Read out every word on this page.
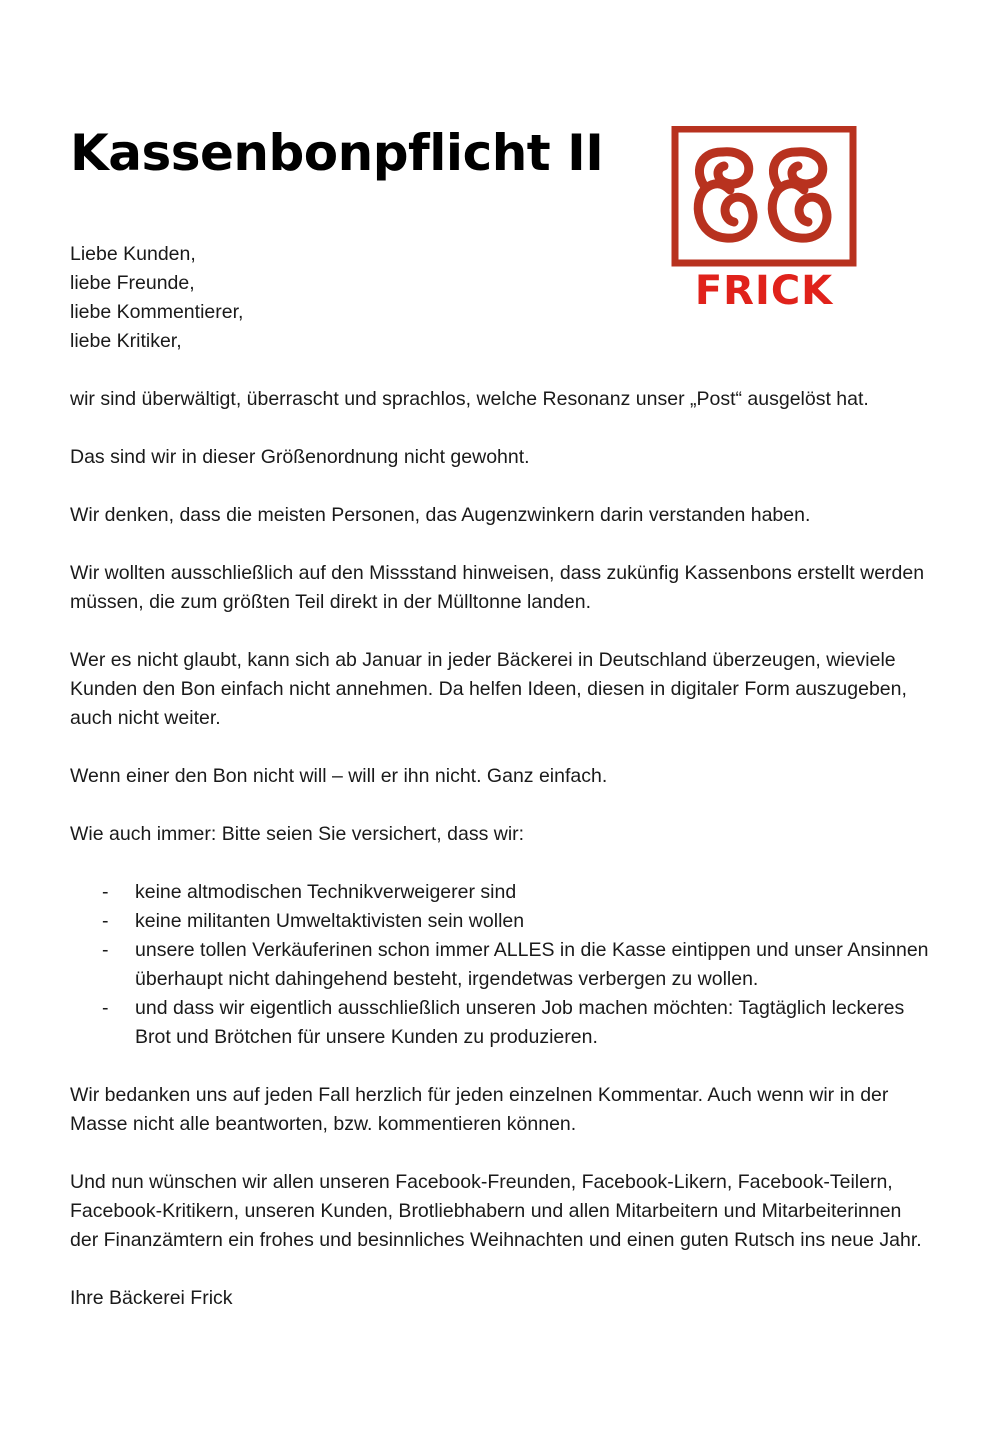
Kassenbonpflicht II
FRICK
Liebe Kunden,
liebe Freunde,
liebe Kommentierer,
liebe Kritiker,

wir sind überwältigt, überrascht und sprachlos, welche Resonanz unser „Post“ ausgelöst hat.

Das sind wir in dieser Größenordnung nicht gewohnt.

Wir denken, dass die meisten Personen, das Augenzwinkern darin verstanden haben.

Wir wollten ausschließlich auf den Missstand hinweisen, dass zukünfig Kassenbons erstellt werden müssen, die zum größten Teil direkt in der Mülltonne landen.

Wer es nicht glaubt, kann sich ab Januar in jeder Bäckerei in Deutschland überzeugen, wieviele Kunden den Bon einfach nicht annehmen. Da helfen Ideen, diesen in digitaler Form auszugeben, auch nicht weiter.

Wenn einer den Bon nicht will – will er ihn nicht. Ganz einfach.

Wie auch immer: Bitte seien Sie versichert, dass wir:

- keine altmodischen Technikverweigerer sind
- keine militanten Umweltaktivisten sein wollen
- unsere tollen Verkäuferinen schon immer ALLES in die Kasse eintippen und unser Ansinnen überhaupt nicht dahingehend besteht, irgendetwas verbergen zu wollen.
- und dass wir eigentlich ausschließlich unseren Job machen möchten: Tagtäglich leckeres Brot und Brötchen für unsere Kunden zu produzieren.

Wir bedanken uns auf jeden Fall herzlich für jeden einzelnen Kommentar. Auch wenn wir in der Masse nicht alle beantworten, bzw. kommentieren können.

Und nun wünschen wir allen unseren Facebook-Freunden, Facebook-Likern, Facebook-Teilern, Facebook-Kritikern, unseren Kunden, Brotliebhabern und allen Mitarbeitern und Mitarbeiterinnen der Finanzämtern ein frohes und besinnliches Weihnachten und einen guten Rutsch ins neue Jahr.

Ihre Bäckerei Frick
